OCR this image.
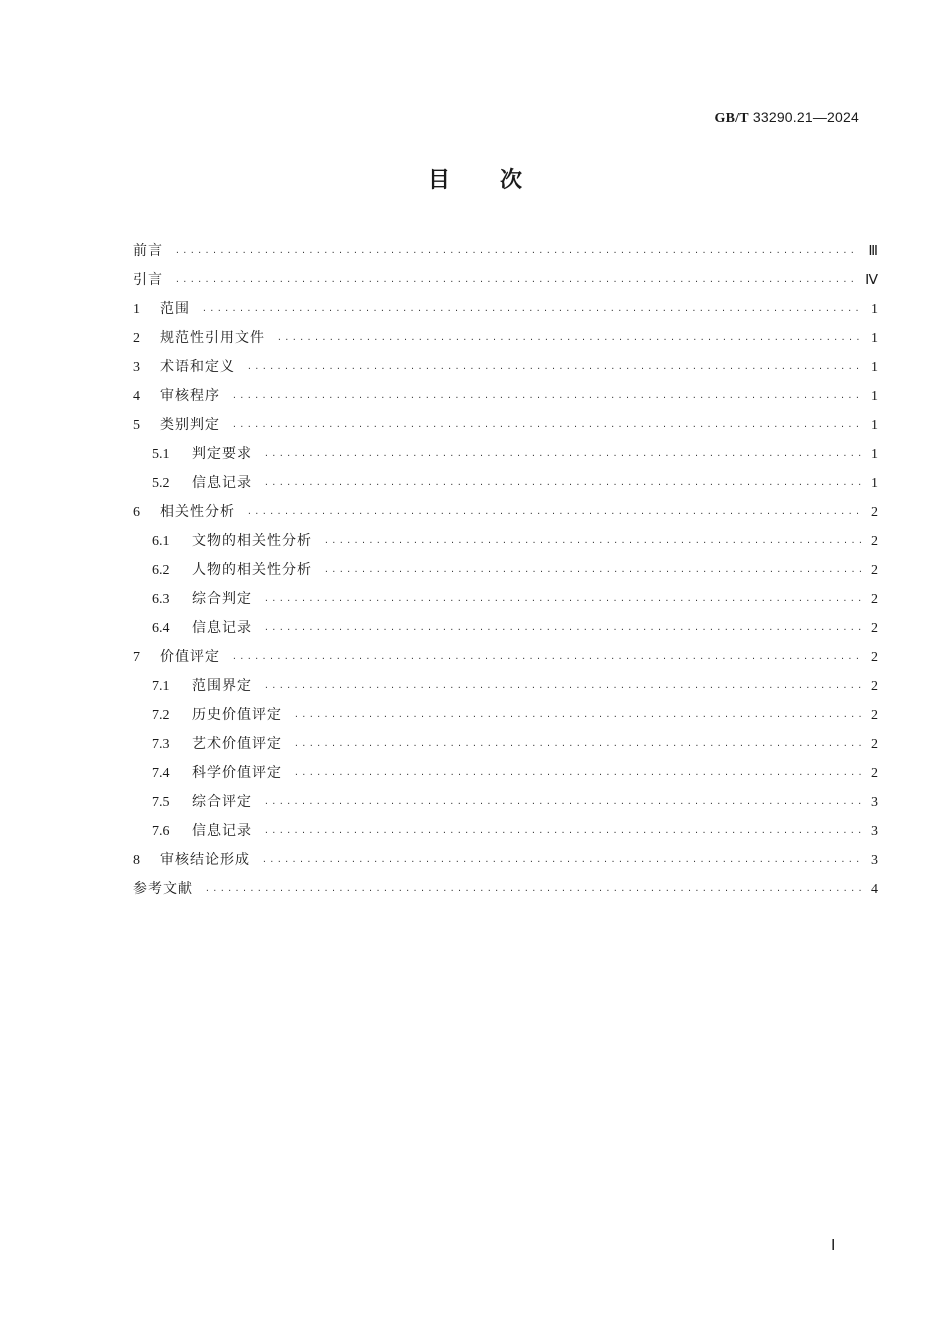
GB/T 33290.21—2024
目次
前言 ·····	Ⅲ
引言 ·····	Ⅳ
1	范围 ·····	1
2	规范性引用文件 ·····	1
3	术语和定义 ·····	1
4	审核程序 ·····	1
5	类别判定 ·····	1
5.1	判定要求 ·····	1
5.2	信息记录 ·····	1
6	相关性分析 ·····	2
6.1	文物的相关性分析 ·····	2
6.2	人物的相关性分析 ·····	2
6.3	综合判定 ·····	2
6.4	信息记录 ·····	2
7	价值评定 ·····	2
7.1	范围界定 ·····	2
7.2	历史价值评定 ·····	2
7.3	艺术价值评定 ·····	2
7.4	科学价值评定 ·····	2
7.5	综合评定 ·····	3
7.6	信息记录 ·····	3
8	审核结论形成 ·····	3
参考文献 ·····	4
Ⅰ
